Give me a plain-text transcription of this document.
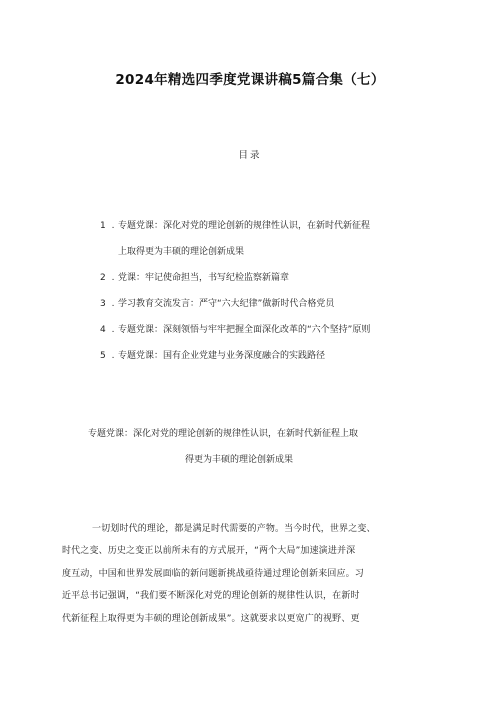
2024年精选四季度党课讲稿5篇合集（七）
目录
1 . 专题党课：深化对党的理论创新的规律性认识，在新时代新征程
上取得更为丰硕的理论创新成果
2 . 党课：牢记使命担当，书写纪检监察新篇章
3 . 学习教育交流发言：严守“六大纪律”做新时代合格党员
4 . 专题党课：深刻领悟与牢牢把握全面深化改革的“六个坚持”原则
5 . 专题党课：国有企业党建与业务深度融合的实践路径
专题党课：深化对党的理论创新的规律性认识，在新时代新征程上取
得更为丰硕的理论创新成果
一切划时代的理论，都是满足时代需要的产物。当今时代，世界之变、
时代之变、历史之变正以前所未有的方式展开，“两个大局”加速演进并深
度互动，中国和世界发展面临的新问题新挑战亟待通过理论创新来回应。习
近平总书记强调，“我们要不断深化对党的理论创新的规律性认识，在新时
代新征程上取得更为丰硕的理论创新成果”。这就要求以更宽广的视野、更
